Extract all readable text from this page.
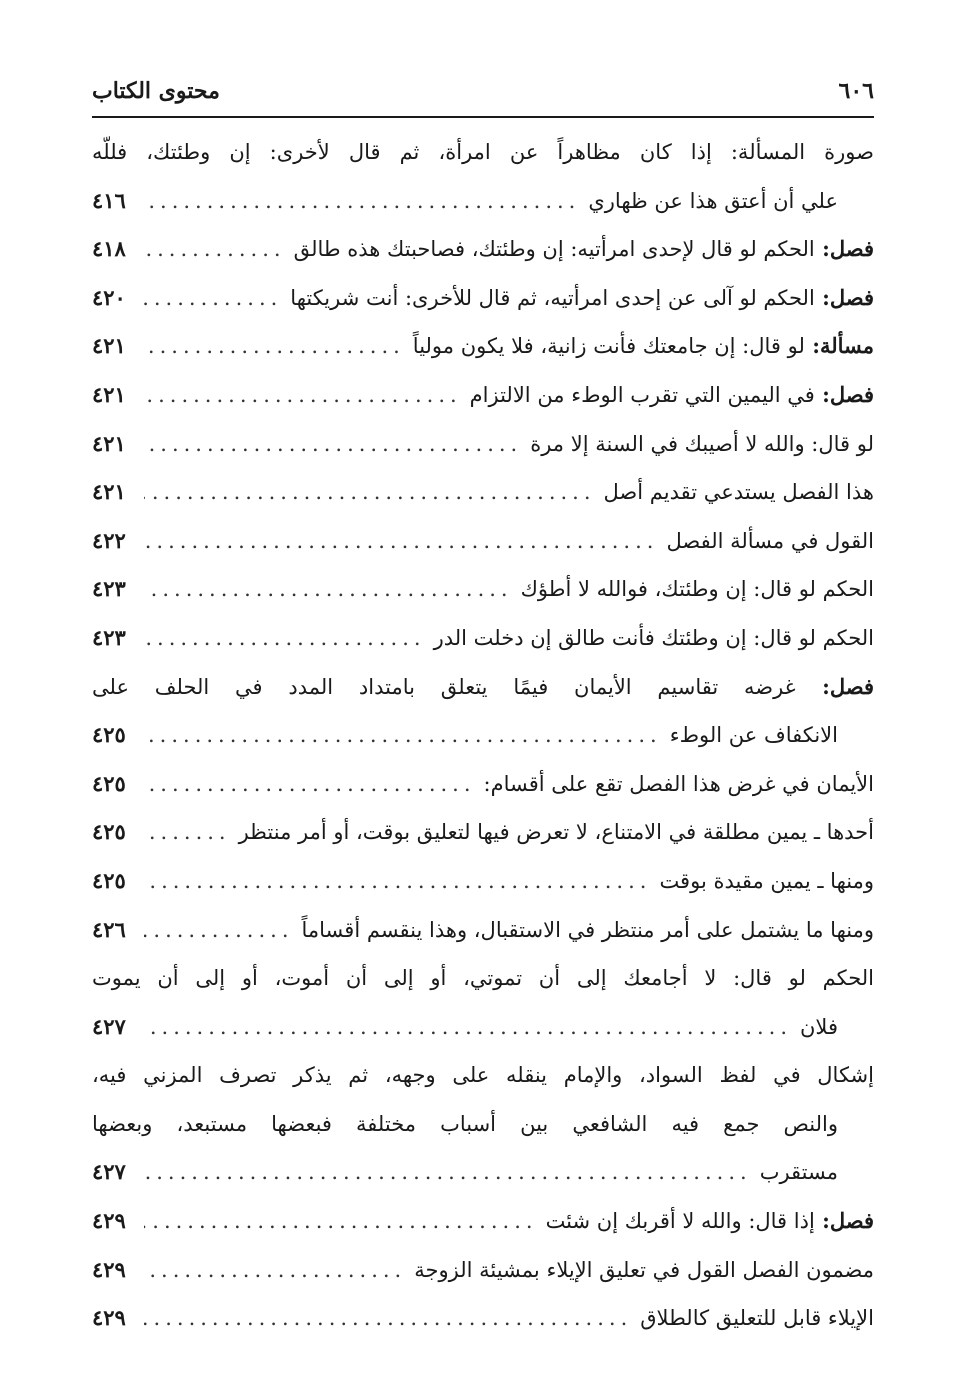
٦٠٦
محتوى الكتاب
صورة المسألة: إذا كان مظاهراً عن امرأة، ثم قال لأخرى: إن وطئتك، فللّه
علي أن أعتق هذا عن ظهاري
.....
٤١٦
فصل: الحكم لو قال لإحدى امرأتيه: إن وطئتك، فصاحبتك هذه طالق
.....
٤١٨
فصل: الحكم لو آلى عن إحدى امرأتيه، ثم قال للأخرى: أنت شريكتها
.....
٤٢٠
مسألة: لو قال: إن جامعتك فأنت زانية، فلا يكون مولياً
.....
٤٢١
فصل: في اليمين التي تقرب الوطء من الالتزام
.....
٤٢١
لو قال: والله لا أصيبك في السنة إلا مرة
.....
٤٢١
هذا الفصل يستدعي تقديم أصل
.....
٤٢١
القول في مسألة الفصل
.....
٤٢٢
الحكم لو قال: إن وطئتك، فوالله لا أطؤك
.....
٤٢٣
الحكم لو قال: إن وطئتك فأنت طالق إن دخلت الدر
.....
٤٢٣
فصل: غرضه تقاسيم الأيمان فيمًا يتعلق بامتداد المدد في الحلف على
الانكفاف عن الوطء
.....
٤٢٥
الأيمان في غرض هذا الفصل تقع على أقسام:
.....
٤٢٥
أحدها ـ يمين مطلقة في الامتناع، لا تعرض فيها لتعليق بوقت، أو أمر منتظر
.....
٤٢٥
ومنها ـ يمين مقيدة بوقت
.....
٤٢٥
ومنها ما يشتمل على أمر منتظر في الاستقبال، وهذا ينقسم أقساماً
.....
٤٢٦
الحكم لو قال: لا أجامعك إلى أن تموتي، أو إلى أن أموت، أو إلى أن يموت
فلان
.....
٤٢٧
إشكال في لفظ السواد، والإمام ينقله على وجهه، ثم يذكر تصرف المزني فيه،
والنص جمع فيه الشافعي بين أسباب مختلفة فبعضها مستبعد، وبعضها
مستقرب
.....
٤٢٧
فصل: إذا قال: والله لا أقربك إن شئت
.....
٤٢٩
مضمون الفصل القول في تعليق الإيلاء بمشيئة الزوجة
.....
٤٢٩
الإيلاء قابل للتعليق كالطلاق
.....
٤٢٩
